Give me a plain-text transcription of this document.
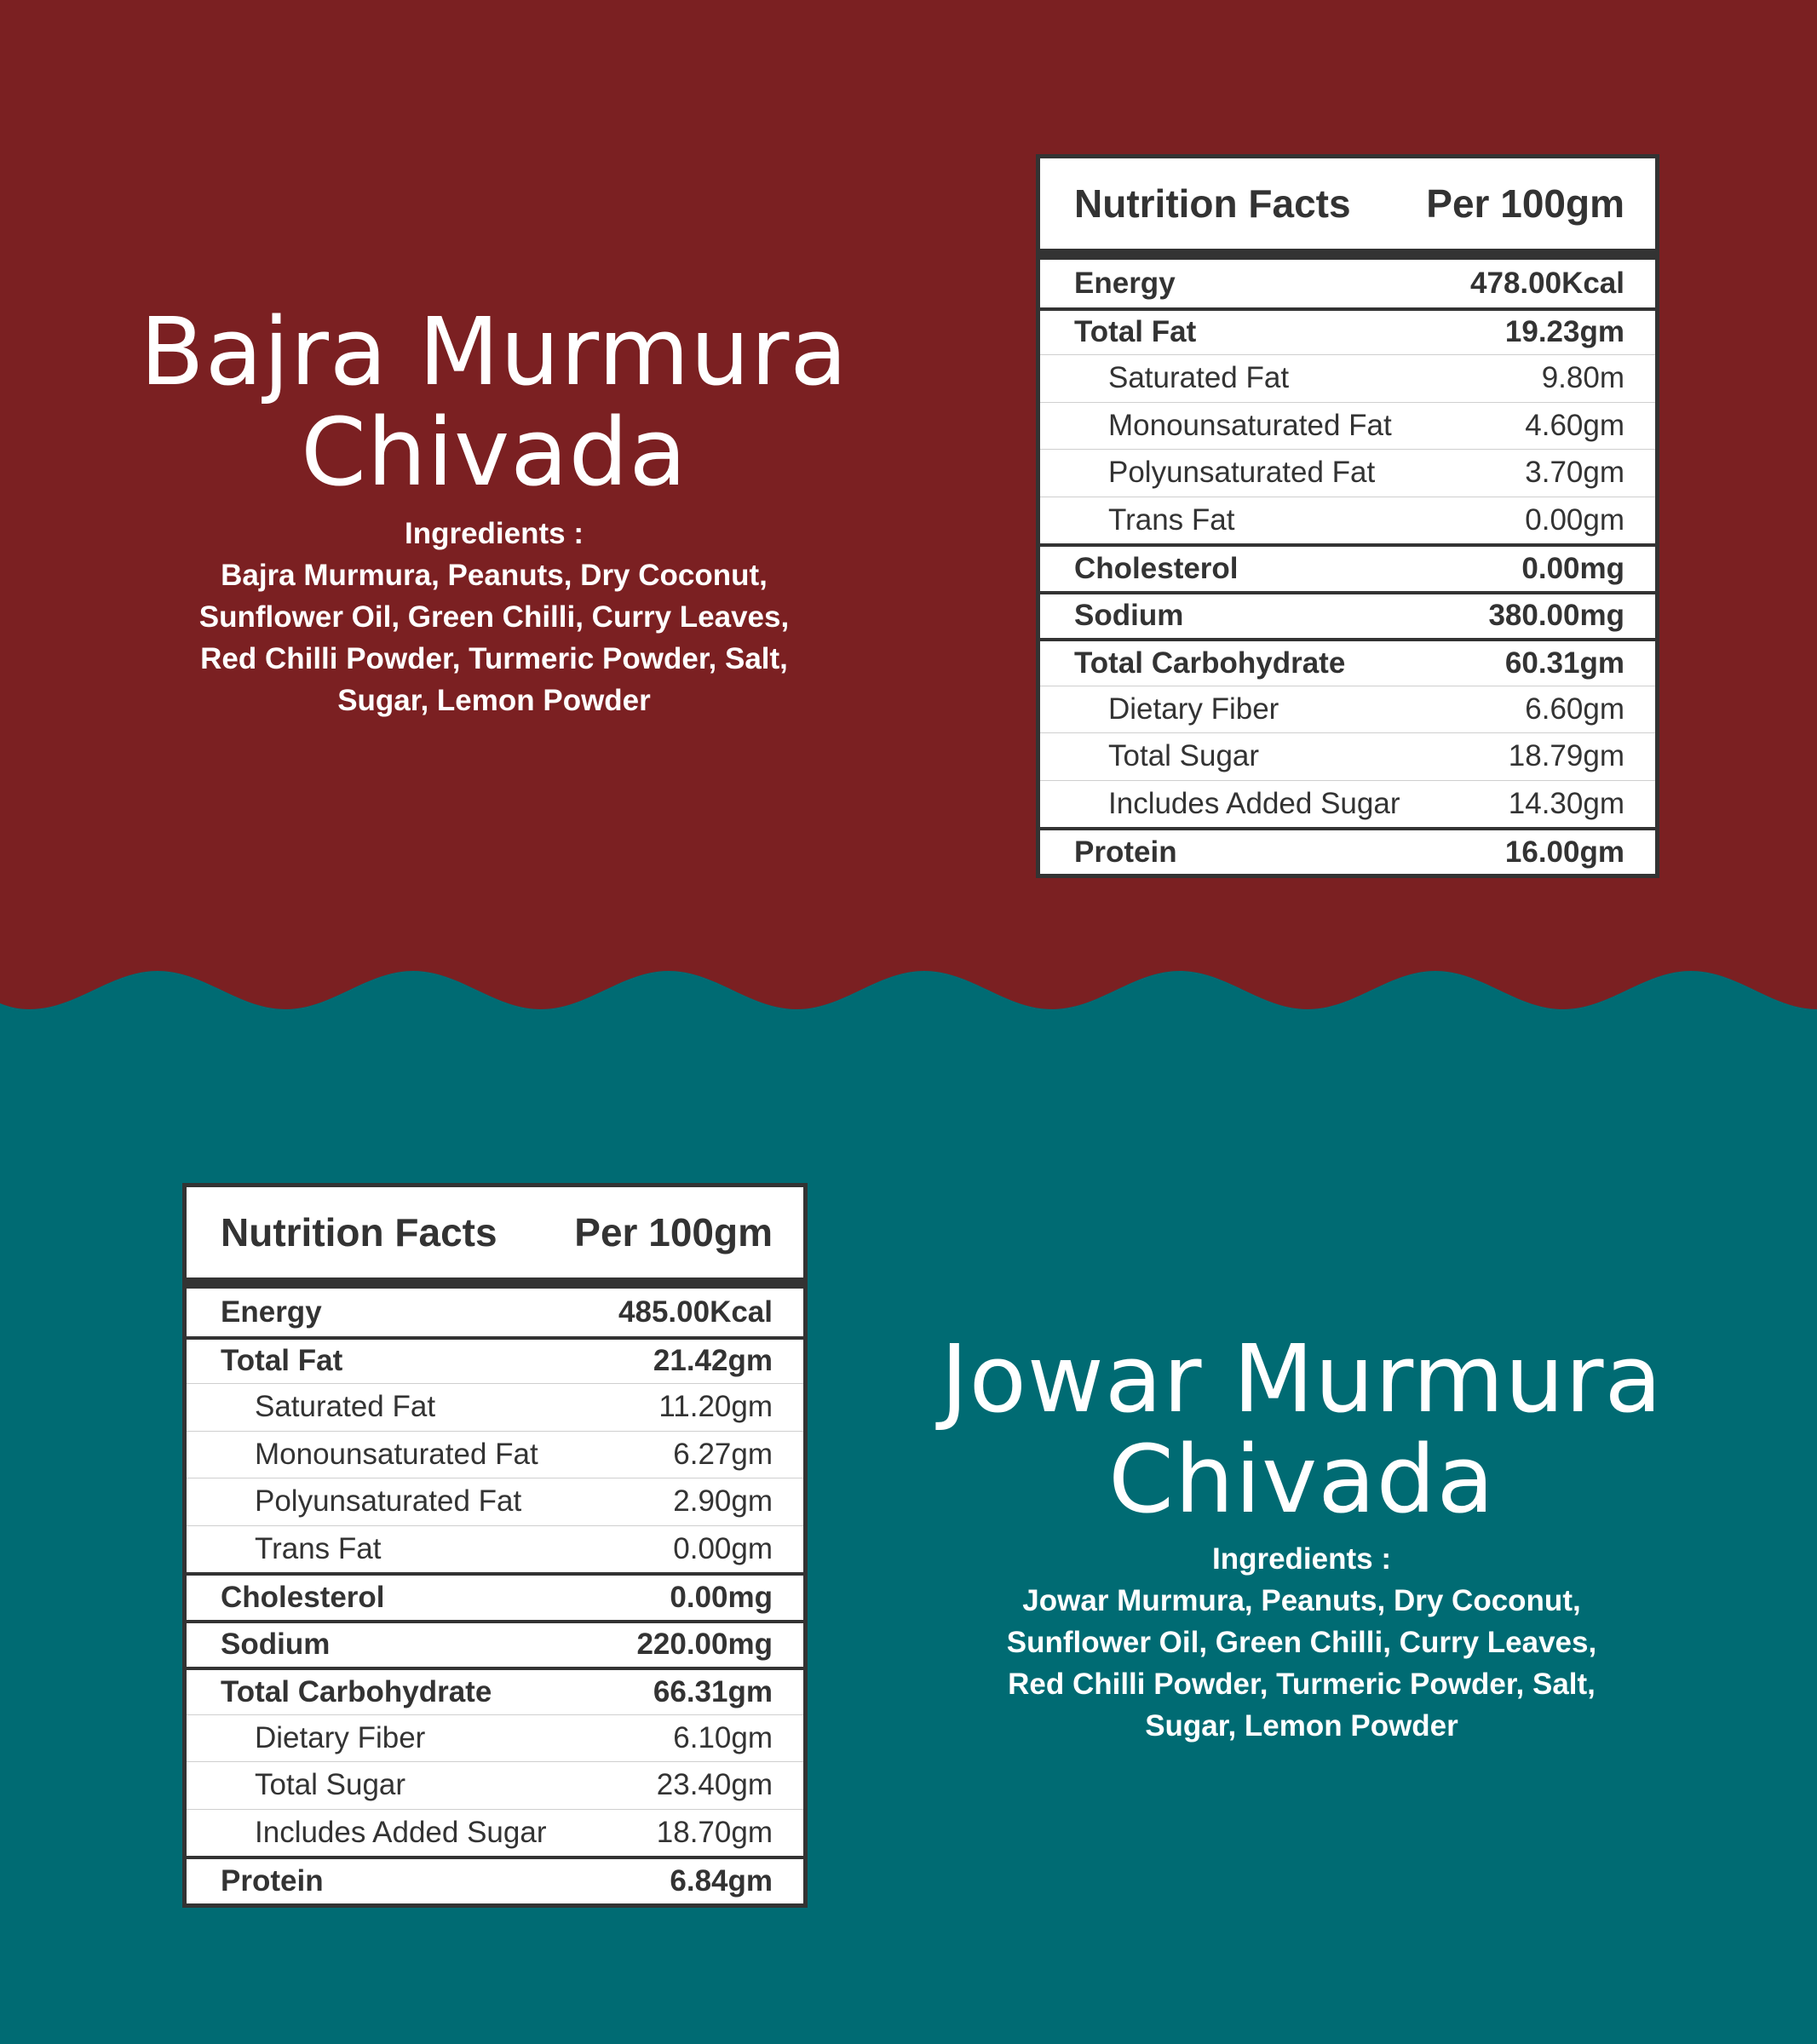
Bajra Murmura
Chivada
Ingredients :
Bajra Murmura, Peanuts, Dry Coconut,
Sunflower Oil, Green Chilli, Curry Leaves,
Red Chilli Powder, Turmeric Powder, Salt,
Sugar, Lemon Powder
Nutrition Facts Per 100gm
Energy	478.00Kcal
Total Fat	19.23gm
Saturated Fat	9.80m
Monounsaturated Fat	4.60gm
Polyunsaturated Fat	3.70gm
Trans Fat	0.00gm
Cholesterol	0.00mg
Sodium	380.00mg
Total Carbohydrate	60.31gm
Dietary Fiber	6.60gm
Total Sugar	18.79gm
Includes Added Sugar	14.30gm
Protein	16.00gm
Nutrition Facts Per 100gm
Energy	485.00Kcal
Total Fat	21.42gm
Saturated Fat	11.20gm
Monounsaturated Fat	6.27gm
Polyunsaturated Fat	2.90gm
Trans Fat	0.00gm
Cholesterol	0.00mg
Sodium	220.00mg
Total Carbohydrate	66.31gm
Dietary Fiber	6.10gm
Total Sugar	23.40gm
Includes Added Sugar	18.70gm
Protein	6.84gm
Jowar Murmura
Chivada
Ingredients :
Jowar Murmura, Peanuts, Dry Coconut,
Sunflower Oil, Green Chilli, Curry Leaves,
Red Chilli Powder, Turmeric Powder, Salt,
Sugar, Lemon Powder
